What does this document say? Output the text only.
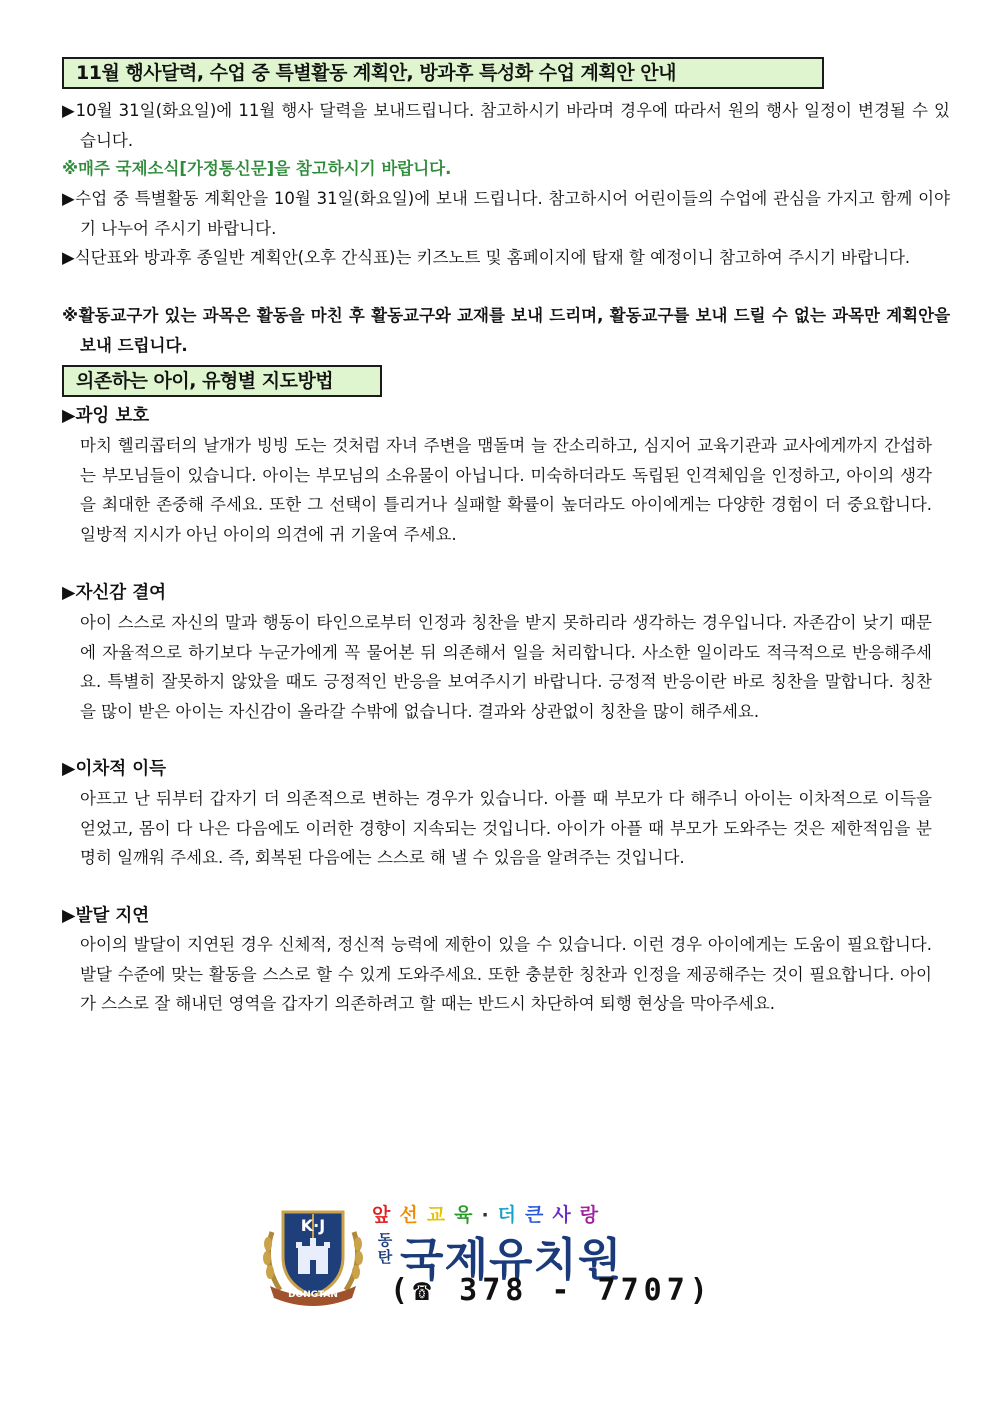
11월 행사달력, 수업 중 특별활동 계획안, 방과후 특성화 수업 계획안 안내
▶10월 31일(화요일)에 11월 행사 달력을 보내드립니다. 참고하시기 바라며 경우에 따라서 원의 행사 일정이 변경될 수 있습니다.
※매주 국제소식[가정통신문]을 참고하시기 바랍니다.
▶수업 중 특별활동 계획안을 10월 31일(화요일)에 보내 드립니다. 참고하시어 어린이들의 수업에 관심을 가지고 함께 이야기 나누어 주시기 바랍니다.
▶식단표와 방과후 종일반 계획안(오후 간식표)는 키즈노트 및 홈페이지에 탑재 할 예정이니 참고하여 주시기 바랍니다.
※활동교구가 있는 과목은 활동을 마친 후 활동교구와 교재를 보내 드리며, 활동교구를 보내 드릴 수 없는 과목만 계획안을 보내 드립니다.
의존하는 아이, 유형별 지도방법
▶과잉 보호
마치 헬리콥터의 날개가 빙빙 도는 것처럼 자녀 주변을 맴돌며 늘 잔소리하고, 심지어 교육기관과 교사에게까지 간섭하는 부모님들이 있습니다. 아이는 부모님의 소유물이 아닙니다. 미숙하더라도 독립된 인격체임을 인정하고, 아이의 생각을 최대한 존중해 주세요. 또한 그 선택이 틀리거나 실패할 확률이 높더라도 아이에게는 다양한 경험이 더 중요합니다. 일방적 지시가 아닌 아이의 의견에 귀 기울여 주세요.
▶자신감 결여
아이 스스로 자신의 말과 행동이 타인으로부터 인정과 칭찬을 받지 못하리라 생각하는 경우입니다. 자존감이 낮기 때문에 자율적으로 하기보다 누군가에게 꼭 물어본 뒤 의존해서 일을 처리합니다. 사소한 일이라도 적극적으로 반응해주세요. 특별히 잘못하지 않았을 때도 긍정적인 반응을 보여주시기 바랍니다. 긍정적 반응이란 바로 칭찬을 말합니다. 칭찬을 많이 받은 아이는 자신감이 올라갈 수밖에 없습니다. 결과와 상관없이 칭찬을 많이 해주세요.
▶이차적 이득
아프고 난 뒤부터 갑자기 더 의존적으로 변하는 경우가 있습니다. 아플 때 부모가 다 해주니 아이는 이차적으로 이득을 얻었고, 몸이 다 나은 다음에도 이러한 경향이 지속되는 것입니다. 아이가 아플 때 부모가 도와주는 것은 제한적임을 분명히 일깨워 주세요. 즉, 회복된 다음에는 스스로 해 낼 수 있음을 알려주는 것입니다.
▶발달 지연
아이의 발달이 지연된 경우 신체적, 정신적 능력에 제한이 있을 수 있습니다. 이런 경우 아이에게는 도움이 필요합니다. 발달 수준에 맞는 활동을 스스로 할 수 있게 도와주세요. 또한 충분한 칭찬과 인정을 제공해주는 것이 필요합니다. 아이가 스스로 잘 해내던 영역을 갑자기 의존하려고 할 때는 반드시 차단하여 퇴행 현상을 막아주세요.
K·J
DONGTAN
앞선교육·더큰사랑
동
탄 국제유치원
(☎ 378 - 7707)
